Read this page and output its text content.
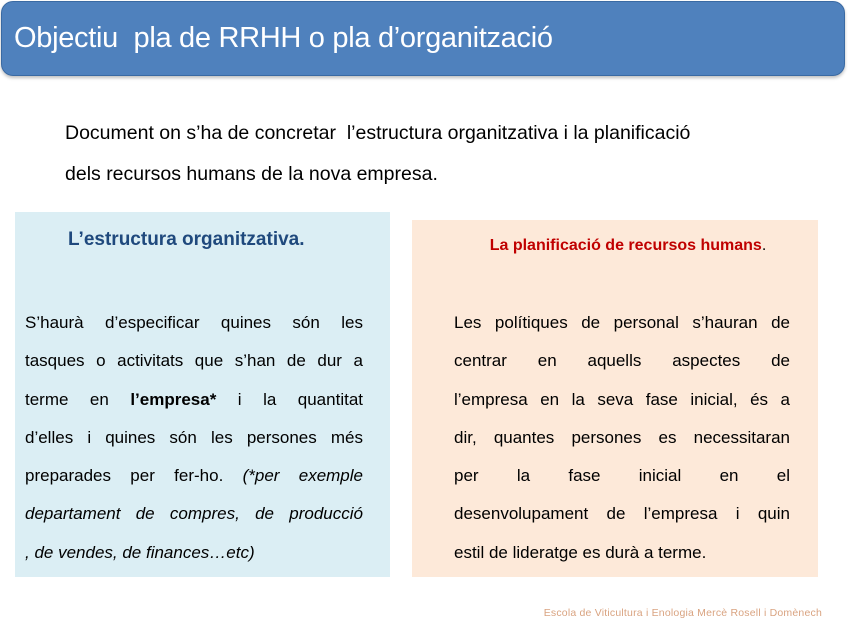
Objectiu  pla de RRHH o pla d’organització
Document on s’ha de concretar  l’estructura organitzativa i la planificació
dels recursos humans de la nova empresa.
L’estructura organitzativa.	La planificació de recursos humans.
S’haurà d’especificar quines són les
tasques o activitats que s’han de dur a
terme en l’empresa* i la quantitat
d’elles i quines són les persones més
preparades per fer-ho. (*per exemple
departament de compres, de producció
, de vendes, de finances…etc)
Les polítiques de personal s’hauran de
centrar en aquells aspectes de
l’empresa en la seva fase inicial, és a
dir, quantes persones es necessitaran
per la fase inicial en el
desenvolupament de l’empresa i quin
estil de lideratge es durà a terme.
Escola de Viticultura i Enologia Mercè Rosell i Domènech
